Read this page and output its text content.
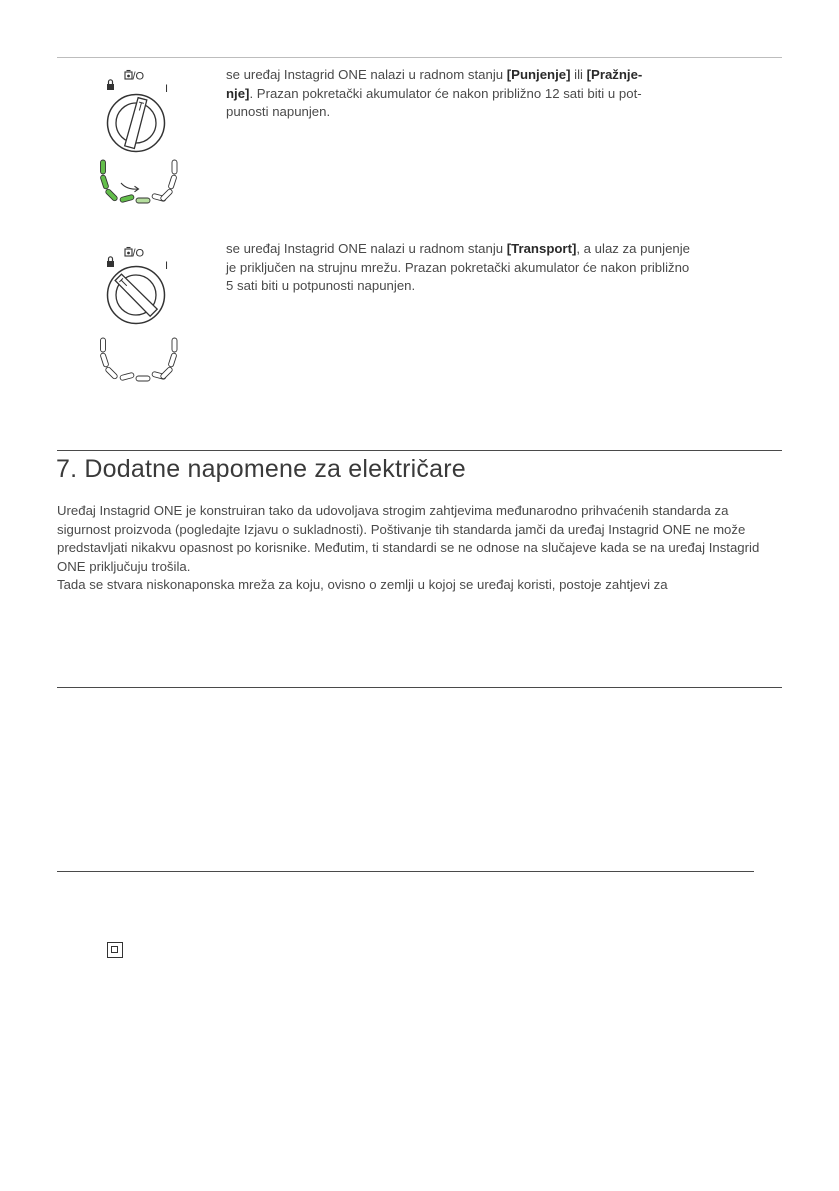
/O
I
se uređaj Instagrid ONE nalazi u radnom stanju [Punjenje] ili [Pražnje-
nje]. Prazan pokretački akumulator će nakon približno 12 sati biti u pot-
punosti napunjen.
/O
I
se uređaj Instagrid ONE nalazi u radnom stanju [Transport], a ulaz za punjenje
je priključen na strujnu mrežu. Prazan pokretački akumulator će nakon približno
5 sati biti u potpunosti napunjen.
7. Dodatne napomene za električare

Uređaj Instagrid ONE je konstruiran tako da udovoljava strogim zahtjevima međunarodno prihvaćenih standarda za sigurnost proizvoda (pogledajte Izjavu o sukladnosti). Poštivanje tih standarda jamči da uređaj Instagrid ONE ne može predstavljati nikakvu opasnost po korisnike. Međutim, ti standardi se ne odnose na slučajeve kada se na uređaj Instagrid ONE priključuju trošila.

Tada se stvara niskonaponska mreža za koju, ovisno o zemlji u kojoj se uređaj koristi, postoje zahtjevi za
